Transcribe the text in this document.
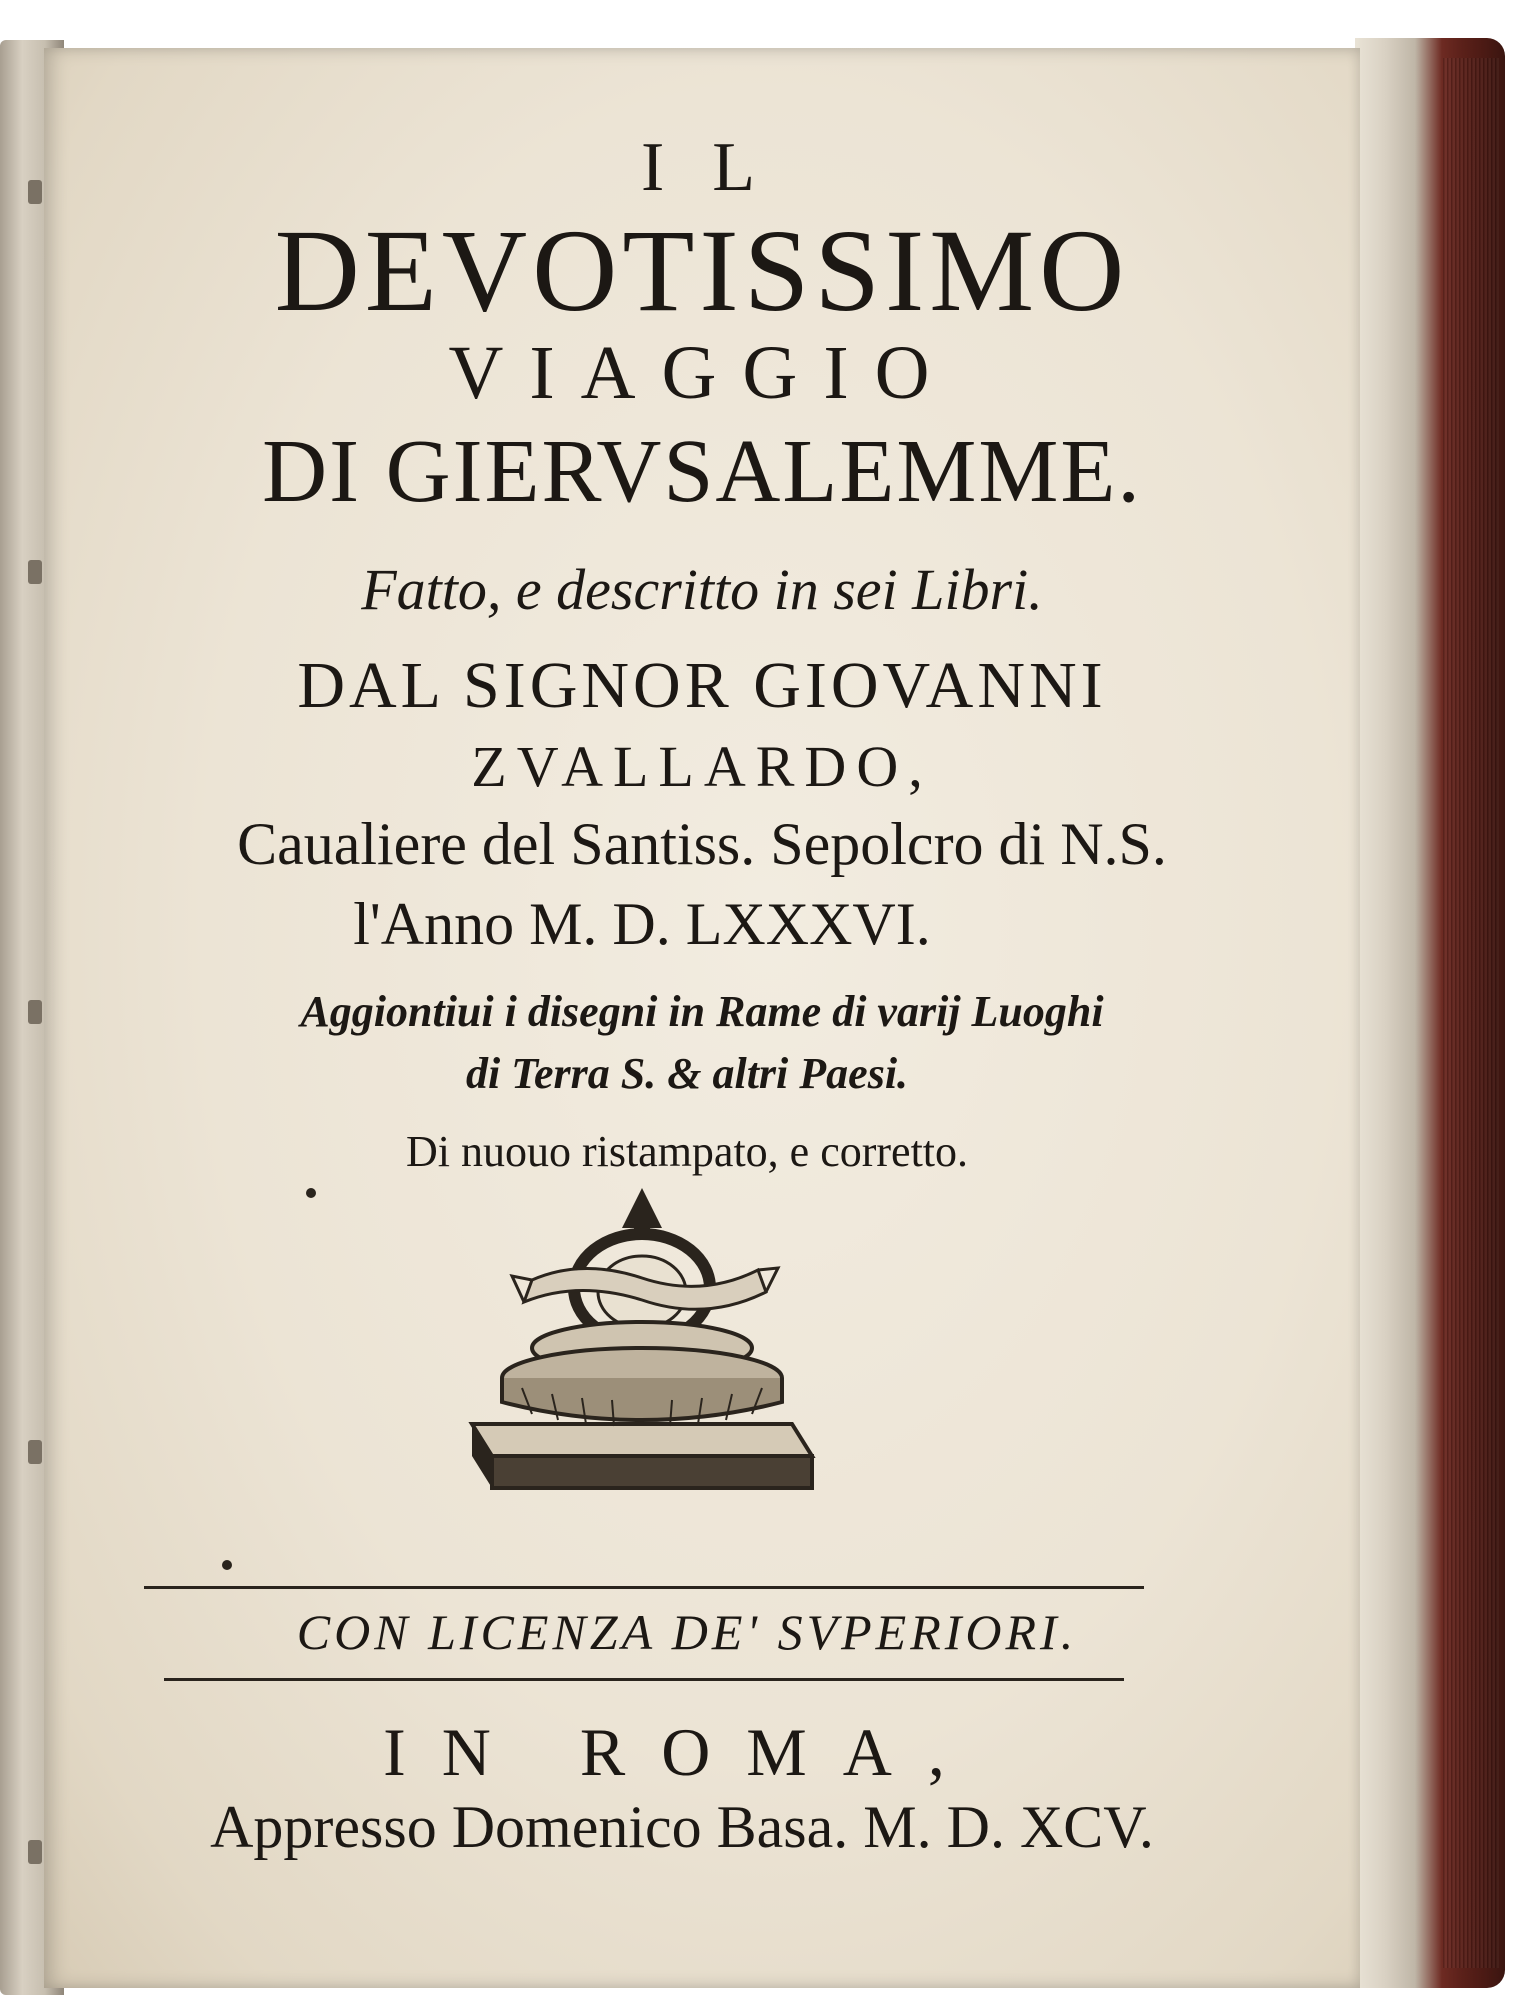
IL
DEVOTISSIMO
VIAGGIO
DI GIERVSALEMME.
Fatto, e descritto in sei Libri.
DAL SIGNOR GIOVANNI
ZVALLARDO,
Caualiere del Santiss. Sepolcro di N.S.
l'Anno M. D. LXXXVI.
Aggiontiui i disegni in Rame di varij Luoghi
di Terra S. & altri Paesi.
Di nuouo ristampato, e corretto.
CON LICENZA DE' SVPERIORI.
IN ROMA,
Appresso Domenico Basa. M. D. XCV.
